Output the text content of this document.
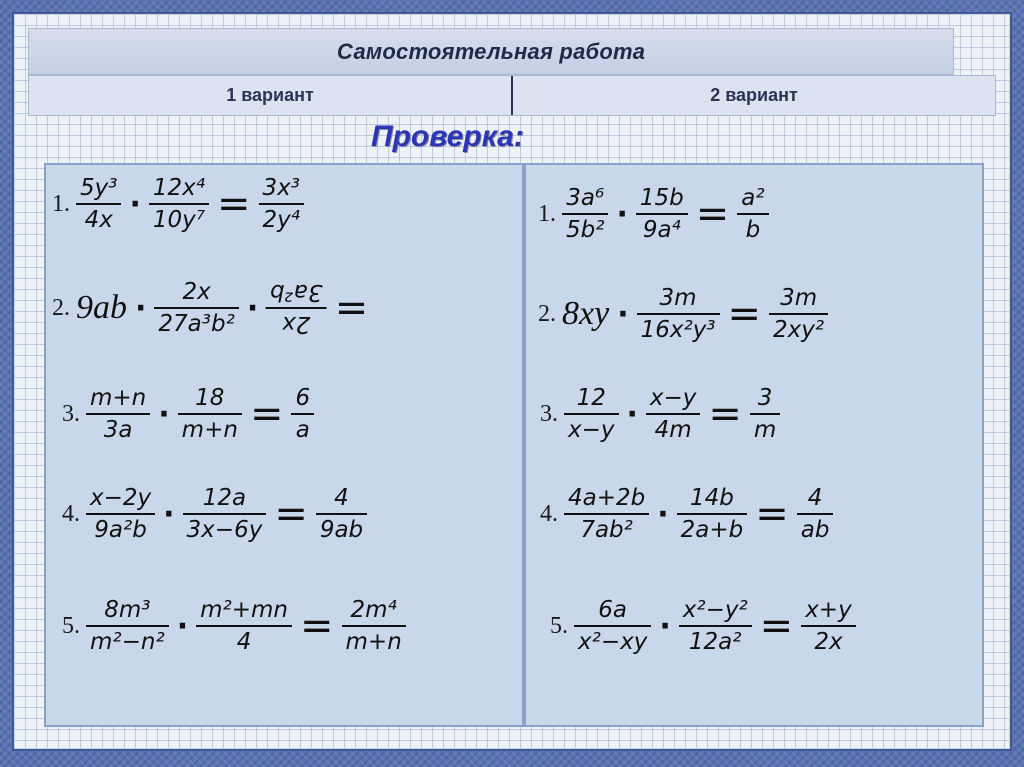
Самостоятельная работа
1 вариант	2 вариант
Проверка:
1. $\frac{\text{5y³}}{4x} \cdot \frac{\text{12x⁴}}{\text{10y⁷}} = \frac{\text{3x³}}{\text{2y⁴}}$
2. $9ab \cdot \frac{2x}{\text{27a³b²}} \cdot 2x$
3a²b =
3. $\frac{m+n}{3a} \cdot \frac{18}{m+n} = \frac{6}{a}$
4. $\frac{x-2y}{\text{9a²b}} \cdot \frac{12a}{3x-6y} = \frac{4}{9ab}$
5. $\frac{\text{8m³}}{\text{m²−n²}} \cdot \frac{\text{m²+mn}}{4} = \frac{\text{2m⁴}}{m+n}$
1. $\frac{\text{3a⁶}}{\text{5b²}} \cdot \frac{15b}{\text{9a⁴}} = \frac{\text{a²}}{b}$
2. $8xy \cdot \frac{3m}{\text{16x²y³}} = \frac{3m}{\text{2xy²}}$
3. $\frac{12}{x-y} \cdot \frac{x-y}{4m} = \frac{3}{m}$
4. $\frac{4a+2b}{\text{7ab²}} \cdot \frac{14b}{2a+b} = \frac{4}{ab}$
5. $\frac{6a}{\text{x²−xy}} \cdot \frac{\text{x²−y²}}{\text{12a²}} = \frac{x+y}{2x}$
